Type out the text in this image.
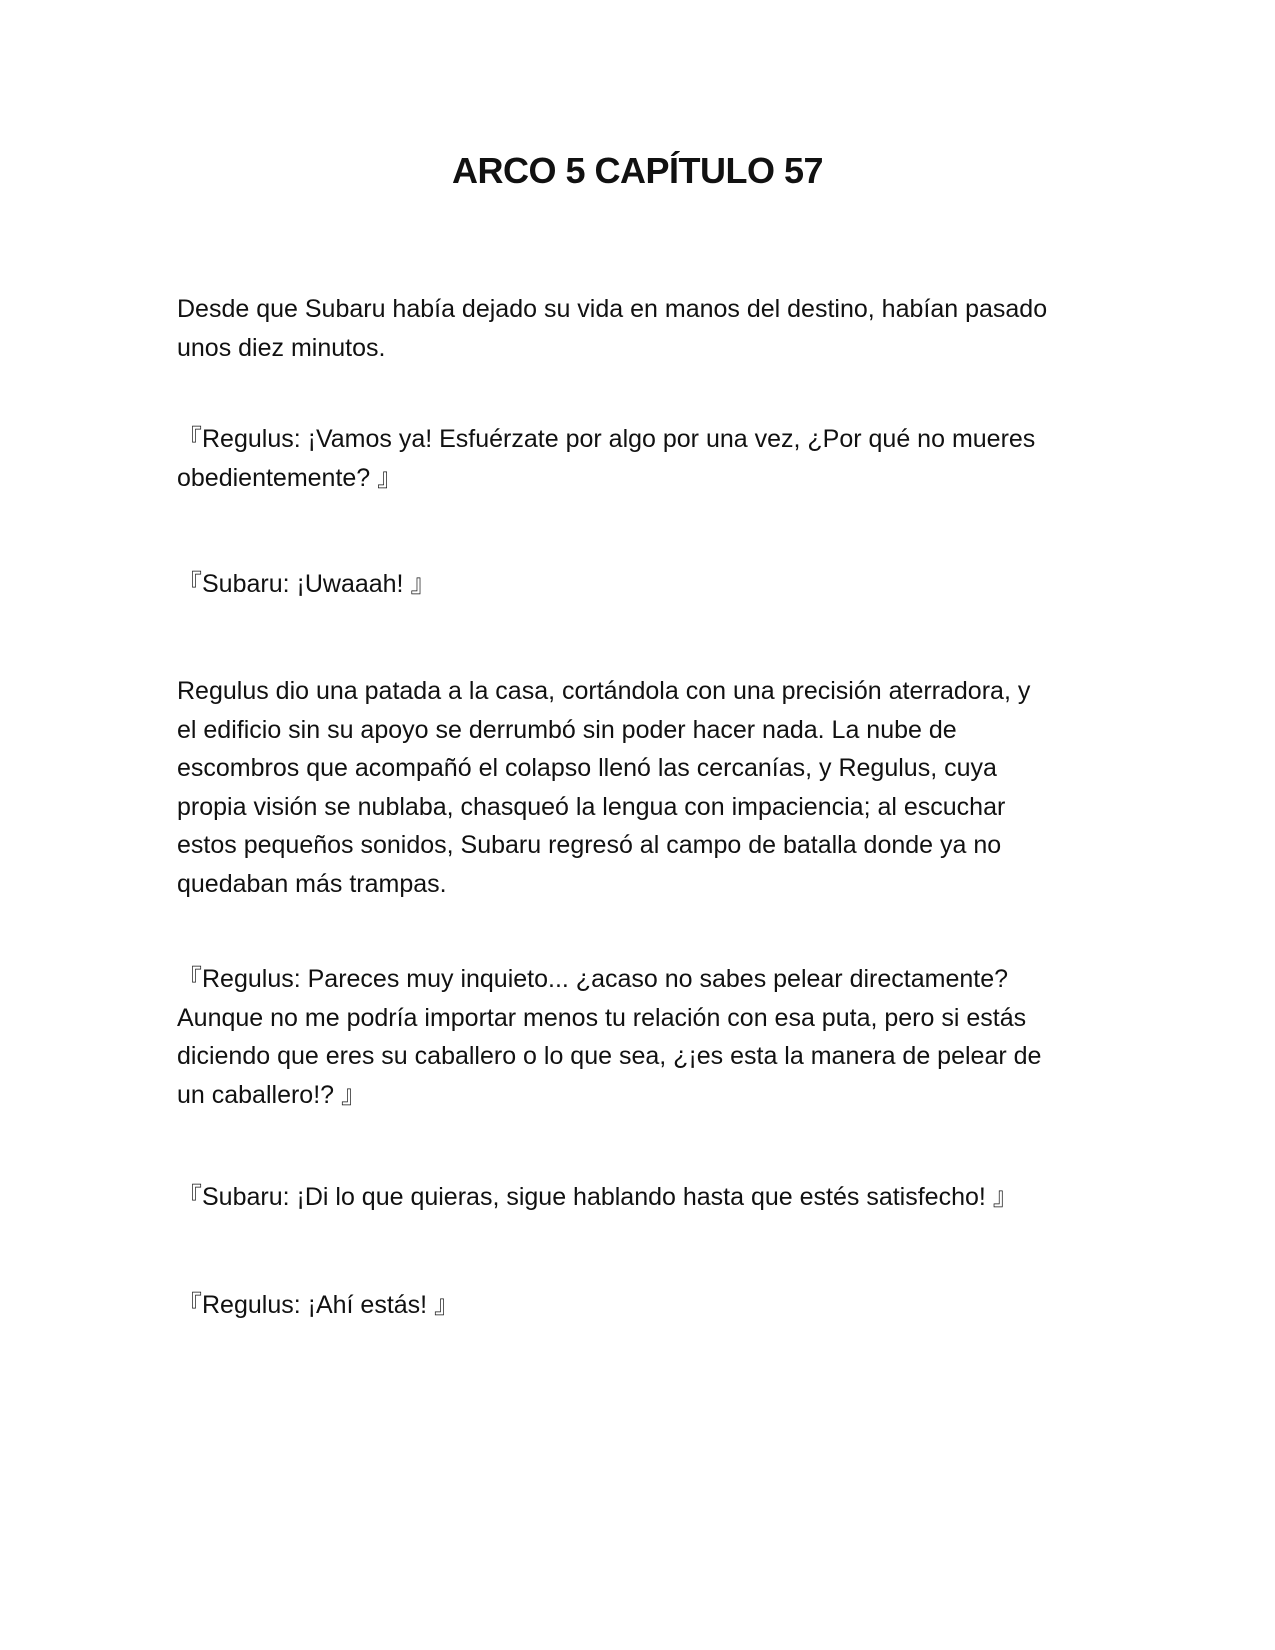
ARCO 5 CAPÍTULO 57

Desde que Subaru había dejado su vida en manos del destino, habían pasado
unos diez minutos.

『Regulus: ¡Vamos ya! Esfuérzate por algo por una vez, ¿Por qué no mueres
obedientemente? 』

『Subaru: ¡Uwaaah! 』

Regulus dio una patada a la casa, cortándola con una precisión aterradora, y
el edificio sin su apoyo se derrumbó sin poder hacer nada. La nube de
escombros que acompañó el colapso llenó las cercanías, y Regulus, cuya
propia visión se nublaba, chasqueó la lengua con impaciencia; al escuchar
estos pequeños sonidos, Subaru regresó al campo de batalla donde ya no
quedaban más trampas.

『Regulus: Pareces muy inquieto... ¿acaso no sabes pelear directamente?
Aunque no me podría importar menos tu relación con esa puta, pero si estás
diciendo que eres su caballero o lo que sea, ¿¡es esta la manera de pelear de
un caballero!? 』

『Subaru: ¡Di lo que quieras, sigue hablando hasta que estés satisfecho! 』

『Regulus: ¡Ahí estás! 』
